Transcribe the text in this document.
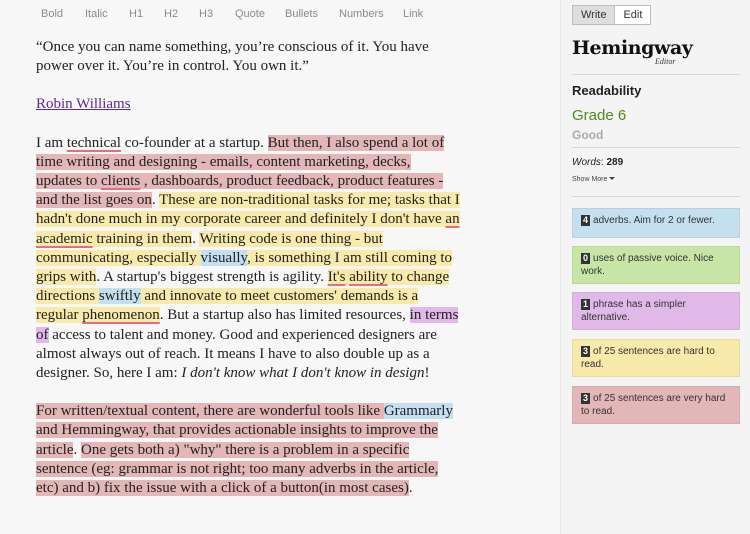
Bold Italic H1 H2 H3 Quote Bullets Numbers Link

“Once you can name something, you’re conscious of it. You have power over it. You’re in control. You own it.”

Robin Williams

I am technical co-founder at a startup. But then, I also spend a lot of time writing and designing - emails, content marketing, decks, updates to clients , dashboards, product feedback, product features - and the list goes on. These are non-traditional tasks for me; tasks that I hadn't done much in my corporate career and definitely I don't have an academic training in them. Writing code is one thing - but communicating, especially visually, is something I am still coming to grips with. A startup's biggest strength is agility. It's ability to change directions swiftly and innovate to meet customers' demands is a regular phenomenon. But a startup also has limited resources, in terms of access to talent and money. Good and experienced designers are almost always out of reach. It means I have to also double up as a designer. So, here I am: I don't know what I don't know in design!

For written/textual content, there are wonderful tools like Grammarly and Hemmingway, that provides actionable insights to improve the article. One gets both a) "why" there is a problem in a specific sentence (eg: grammar is not right; too many adverbs in the article, etc) and b) fix the issue with a click of a button(in most cases).

Write	Edit
Hemingway
Editor
Readability
Grade 6
Good
Words: 289
Show More
4 adverbs. Aim for 2 or fewer.
0 uses of passive voice. Nice work.
1 phrase has a simpler alternative.
3 of 25 sentences are hard to read.
3 of 25 sentences are very hard to read.
